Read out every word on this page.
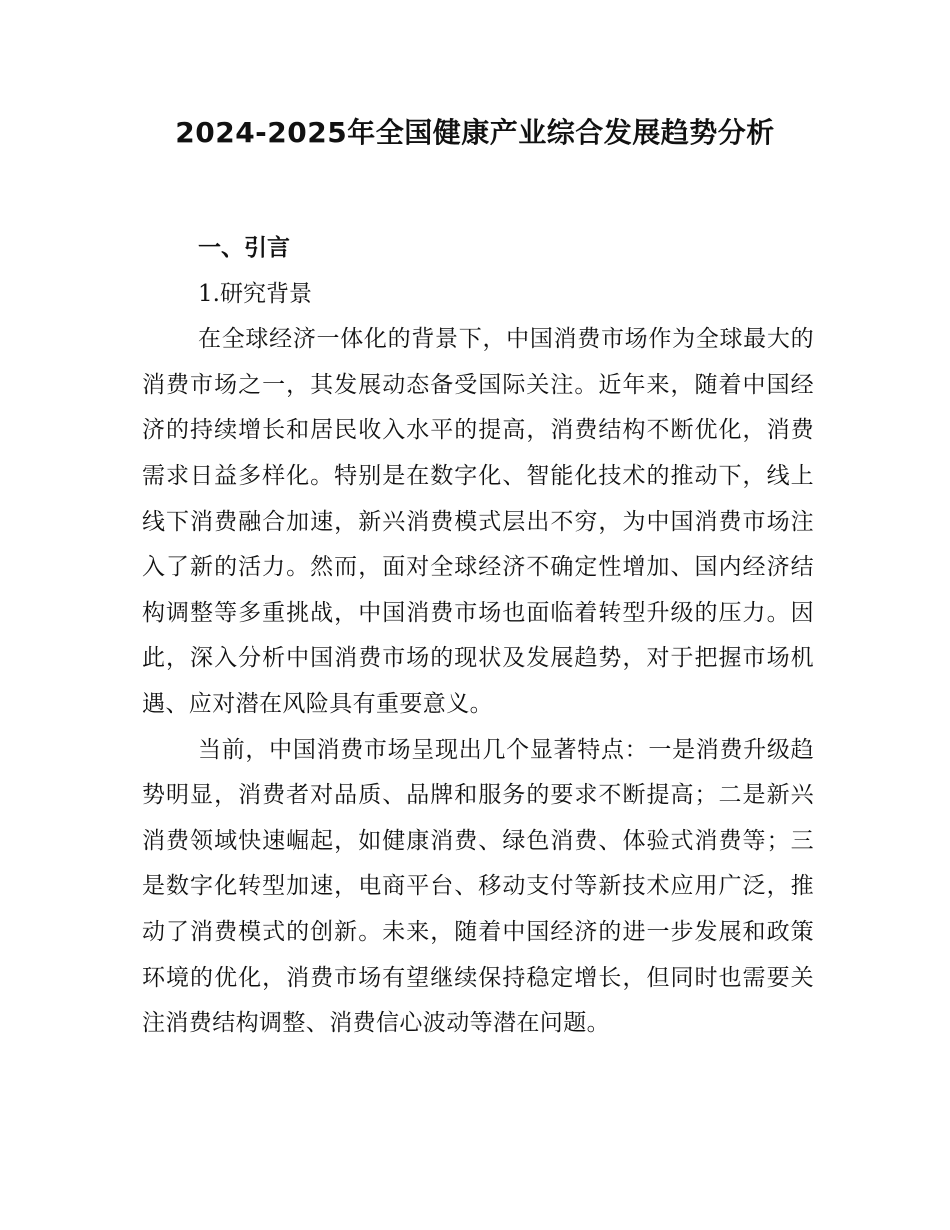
2024-2025年全国健康产业综合发展趋势分析

一、引言

1.研究背景

在全球经济一体化的背景下，中国消费市场作为全球最大的消费市场之一，其发展动态备受国际关注。近年来，随着中国经济的持续增长和居民收入水平的提高，消费结构不断优化，消费需求日益多样化。特别是在数字化、智能化技术的推动下，线上线下消费融合加速，新兴消费模式层出不穷，为中国消费市场注入了新的活力。然而，面对全球经济不确定性增加、国内经济结构调整等多重挑战，中国消费市场也面临着转型升级的压力。因此，深入分析中国消费市场的现状及发展趋势，对于把握市场机遇、应对潜在风险具有重要意义。

当前，中国消费市场呈现出几个显著特点：一是消费升级趋势明显，消费者对品质、品牌和服务的要求不断提高；二是新兴消费领域快速崛起，如健康消费、绿色消费、体验式消费等；三是数字化转型加速，电商平台、移动支付等新技术应用广泛，推动了消费模式的创新。未来，随着中国经济的进一步发展和政策环境的优化，消费市场有望继续保持稳定增长，但同时也需要关注消费结构调整、消费信心波动等潜在问题。
